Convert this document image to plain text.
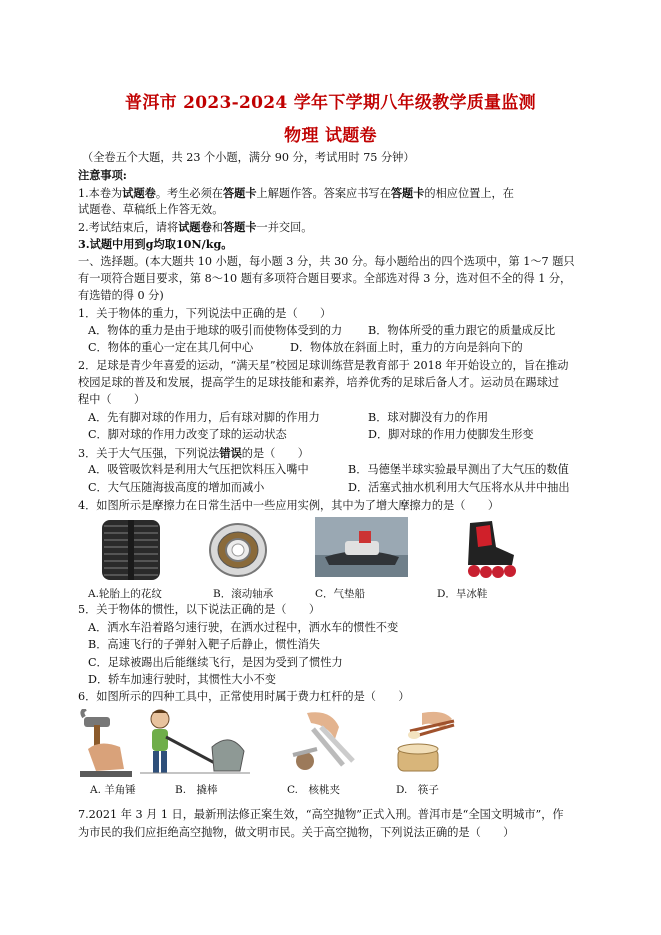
普洱市 2023-2024 学年下学期八年级教学质量监测
物理 试题卷
（全卷五个大题，共 23 个小题，满分 90 分，考试用时 75 分钟）
注意事项:
1.本卷为试题卷。考生必须在答题卡上解题作答。答案应书写在答题卡的相应位置上，在
试题卷、草稿纸上作答无效。
2.考试结束后，请将试题卷和答题卡一并交回。
3.试题中用到g均取10N/kg。
一、选择题。(本大题共 10 小题，每小题 3 分，共 30 分。每小题给出的四个选项中，第 1～7 题只
有一项符合题目要求，第 8～10 题有多项符合题目要求。全部选对得 3 分，选对但不全的得 1 分，
有选错的得 0 分)
1．关于物体的重力，下列说法中正确的是（　　）
A．物体的重力是由于地球的吸引而使物体受到的力 B．物体所受的重力跟它的质量成反比
C．物体的重心一定在其几何中心	D．物体放在斜面上时，重力的方向是斜向下的
2．足球是青少年喜爱的运动，“满天星”校园足球训练营是教育部于 2018 年开始设立的，旨在推动
校园足球的普及和发展，提高学生的足球技能和素养，培养优秀的足球后备人才。运动员在踢球过
程中（　　）
A．先有脚对球的作用力，后有球对脚的作用力	B．球对脚没有力的作用
C．脚对球的作用力改变了球的运动状态	D．脚对球的作用力使脚发生形变
3．关于大气压强，下列说法错误的是（　　）
A．吸管吸饮料是利用大气压把饮料压入嘴中	B．马德堡半球实验最早测出了大气压的数值
C．大气压随海拔高度的增加而减小	D．活塞式抽水机利用大气压将水从井中抽出
4．如图所示是摩擦力在日常生活中一些应用实例，其中为了增大摩擦力的是（　　）
A.轮胎上的花纹	B．滚动轴承	C．气垫船	D．旱冰鞋
5．关于物体的惯性，以下说法正确的是（　　）
A．洒水车沿着路匀速行驶，在洒水过程中，洒水车的惯性不变
B．高速飞行的子弹射入靶子后静止，惯性消失
C．足球被踢出后能继续飞行，是因为受到了惯性力
D．轿车加速行驶时，其惯性大小不变
6．如图所示的四种工具中，正常使用时属于费力杠杆的是（　　）
A. 羊角锤	B.　撬棒	C.　核桃夹	D.　筷子
7.2021 年 3 月 1 日，最新刑法修正案生效，“高空抛物”正式入刑。普洱市是“全国文明城市”，作
为市民的我们应拒绝高空抛物，做文明市民。关于高空抛物，下列说法正确的是（　　）
